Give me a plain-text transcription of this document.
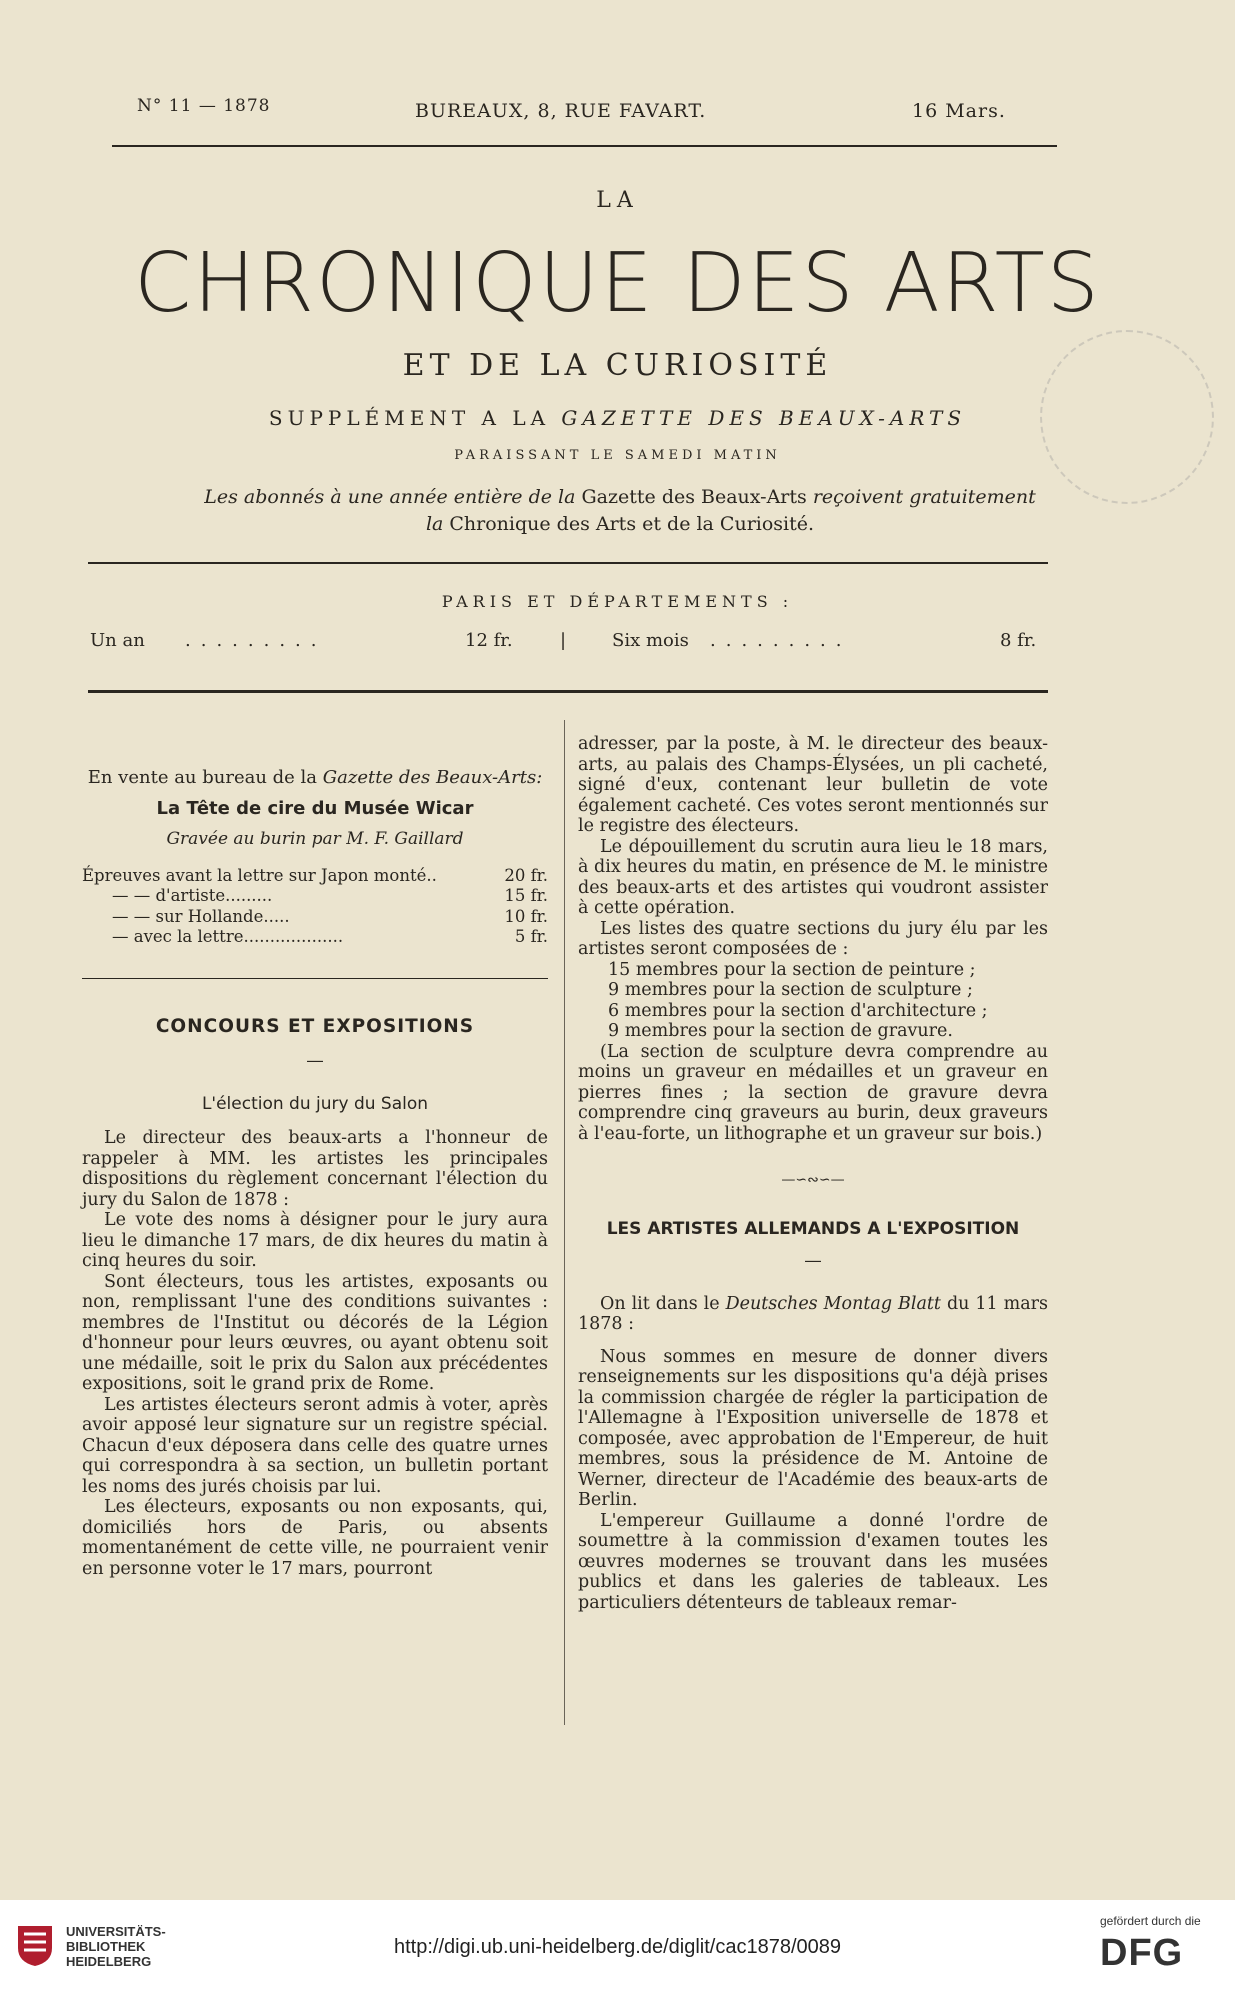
N° 11 — 1878	BUREAUX, 8, RUE FAVART.	16 Mars.
LA
CHRONIQUE DES ARTS
ET DE LA CURIOSITÉ
SUPPLÉMENT A LA GAZETTE DES BEAUX-ARTS
PARAISSANT LE SAMEDI MATIN
Les abonnés à une année entière de la Gazette des Beaux-Arts reçoivent gratuitement
la Chronique des Arts et de la Curiosité.
PARIS ET DÉPARTEMENTS :
Un an .........	12 fr.	|	Six mois .........	8 fr.
En vente au bureau de la Gazette des Beaux-Arts:
La Tête de cire du Musée Wicar
Gravée au burin par M. F. Gaillard
Épreuves avant la lettre sur Japon monté..	20 fr.
— — d'artiste.........	15 fr.
— — sur Hollande.....	10 fr.
— avec la lettre...................	5 fr.
CONCOURS ET EXPOSITIONS
—
L'élection du jury du Salon

Le directeur des beaux-arts a l'honneur de rappeler à MM. les artistes les principales dispositions du règlement concernant l'élection du jury du Salon de 1878 :

Le vote des noms à désigner pour le jury aura lieu le dimanche 17 mars, de dix heures du matin à cinq heures du soir.

Sont électeurs, tous les artistes, exposants ou non, remplissant l'une des conditions suivantes : membres de l'Institut ou décorés de la Légion d'honneur pour leurs œuvres, ou ayant obtenu soit une médaille, soit le prix du Salon aux précédentes expositions, soit le grand prix de Rome.

Les artistes électeurs seront admis à voter, après avoir apposé leur signature sur un registre spécial. Chacun d'eux déposera dans celle des quatre urnes qui correspondra à sa section, un bulletin portant les noms des jurés choisis par lui.

Les électeurs, exposants ou non exposants, qui, domiciliés hors de Paris, ou absents momentanément de cette ville, ne pourraient venir en personne voter le 17 mars, pourront

adresser, par la poste, à M. le directeur des beaux-arts, au palais des Champs-Élysées, un pli cacheté, signé d'eux, contenant leur bulletin de vote également cacheté. Ces votes seront mentionnés sur le registre des électeurs.

Le dépouillement du scrutin aura lieu le 18 mars, à dix heures du matin, en présence de M. le ministre des beaux-arts et des artistes qui voudront assister à cette opération.

Les listes des quatre sections du jury élu par les artistes seront composées de :

15 membres pour la section de peinture ;
9 membres pour la section de sculpture ;
6 membres pour la section d'architecture ;
9 membres pour la section de gravure.

(La section de sculpture devra comprendre au moins un graveur en médailles et un graveur en pierres fines ; la section de gravure devra comprendre cinq graveurs au burin, deux graveurs à l'eau-forte, un lithographe et un graveur sur bois.)

—∽∾∽—
LES ARTISTES ALLEMANDS A L'EXPOSITION
—

On lit dans le Deutsches Montag Blatt du 11 mars 1878 :

Nous sommes en mesure de donner divers renseignements sur les dispositions qu'a déjà prises la commission chargée de régler la participation de l'Allemagne à l'Exposition universelle de 1878 et composée, avec approbation de l'Empereur, de huit membres, sous la présidence de M. Antoine de Werner, directeur de l'Académie des beaux-arts de Berlin.

L'empereur Guillaume a donné l'ordre de soumettre à la commission d'examen toutes les œuvres modernes se trouvant dans les musées publics et dans les galeries de tableaux. Les particuliers détenteurs de tableaux remar-

UNIVERSITÄTS-
BIBLIOTHEK
HEIDELBERG
http://digi.ub.uni-heidelberg.de/diglit/cac1878/0089
gefördert durch die
DFG
